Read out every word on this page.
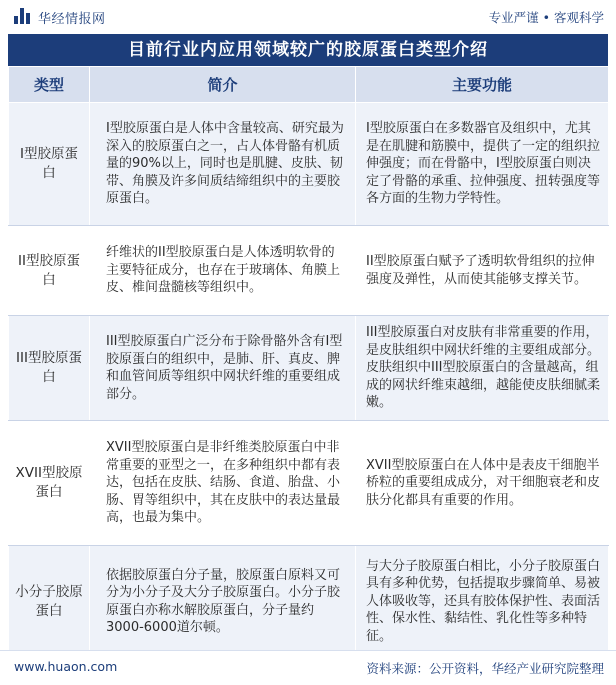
华经情报网	专业严谨 • 客观科学
目前行业内应用领域较广的胶原蛋白类型介绍
类型	简介	主要功能
I型胶原蛋白	I型胶原蛋白是人体中含量较高、研究最为深入的胶原蛋白之一，占人体骨骼有机质量的90%以上，同时也是肌腱、皮肤、韧带、角膜及许多间质结缔组织中的主要胶原蛋白。	I型胶原蛋白在多数器官及组织中，尤其是在肌腱和筋膜中，提供了一定的组织拉伸强度；而在骨骼中，I型胶原蛋白则决定了骨骼的承重、拉伸强度、扭转强度等各方面的生物力学特性。
II型胶原蛋白	纤维状的II型胶原蛋白是人体透明软骨的主要特征成分，也存在于玻璃体、角膜上皮、椎间盘髓核等组织中。	II型胶原蛋白赋予了透明软骨组织的拉伸强度及弹性，从而使其能够支撑关节。
III型胶原蛋白	III型胶原蛋白广泛分布于除骨骼外含有I型胶原蛋白的组织中，是肺、肝、真皮、脾和血管间质等组织中网状纤维的重要组成部分。	III型胶原蛋白对皮肤有非常重要的作用，是皮肤组织中网状纤维的主要组成部分。皮肤组织中III型胶原蛋白的含量越高，组成的网状纤维束越细，越能使皮肤细腻柔嫩。
XVII型胶原蛋白	XVII型胶原蛋白是非纤维类胶原蛋白中非常重要的亚型之一，在多种组织中都有表达，包括在皮肤、结肠、食道、胎盘、小肠、胃等组织中，其在皮肤中的表达量最高，也最为集中。	XVII型胶原蛋白在人体中是表皮干细胞半桥粒的重要组成成分，对干细胞衰老和皮肤分化都具有重要的作用。
小分子胶原蛋白	依据胶原蛋白分子量，胶原蛋白原料又可分为小分子及大分子胶原蛋白。小分子胶原蛋白亦称水解胶原蛋白，分子量约3000-6000道尔顿。	与大分子胶原蛋白相比，小分子胶原蛋白具有多种优势，包括提取步骤简单、易被人体吸收等，还具有胶体保护性、表面活性、保水性、黏结性、乳化性等多种特征。
www.huaon.com	资料来源：公开资料，华经产业研究院整理
